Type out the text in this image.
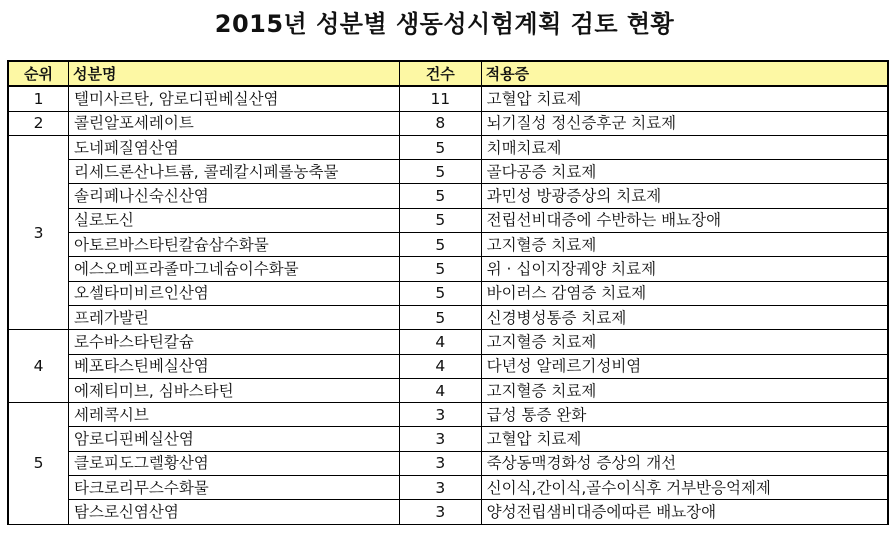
2015년 성분별 생동성시험계획 검토 현황
순위	성분명	건수	적용증
1	텔미사르탄, 암로디핀베실산염	11	고혈압 치료제
2	콜린알포세레이트	8	뇌기질성 정신증후군 치료제
3	도네페질염산염	5	치매치료제
	리세드론산나트륨, 콜레칼시페롤농축물	5	골다공증 치료제
	솔리페나신숙신산염	5	과민성 방광증상의 치료제
	실로도신	5	전립선비대증에 수반하는 배뇨장애
	아토르바스타틴칼슘삼수화물	5	고지혈증 치료제
	에스오메프라졸마그네슘이수화물	5	위 · 십이지장궤양 치료제
	오셀타미비르인산염	5	바이러스 감염증 치료제
	프레가발린	5	신경병성통증 치료제
4	로수바스타틴칼슘	4	고지혈증 치료제
	베포타스틴베실산염	4	다년성 알레르기성비염
	에제티미브, 심바스타틴	4	고지혈증 치료제
5	세레콕시브	3	급성 통증 완화
	암로디핀베실산염	3	고혈압 치료제
	클로피도그렐황산염	3	죽상동맥경화성 증상의 개선
	타크로리무스수화물	3	신이식,간이식,골수이식후 거부반응억제제
	탐스로신염산염	3	양성전립샘비대증에따른 배뇨장애
